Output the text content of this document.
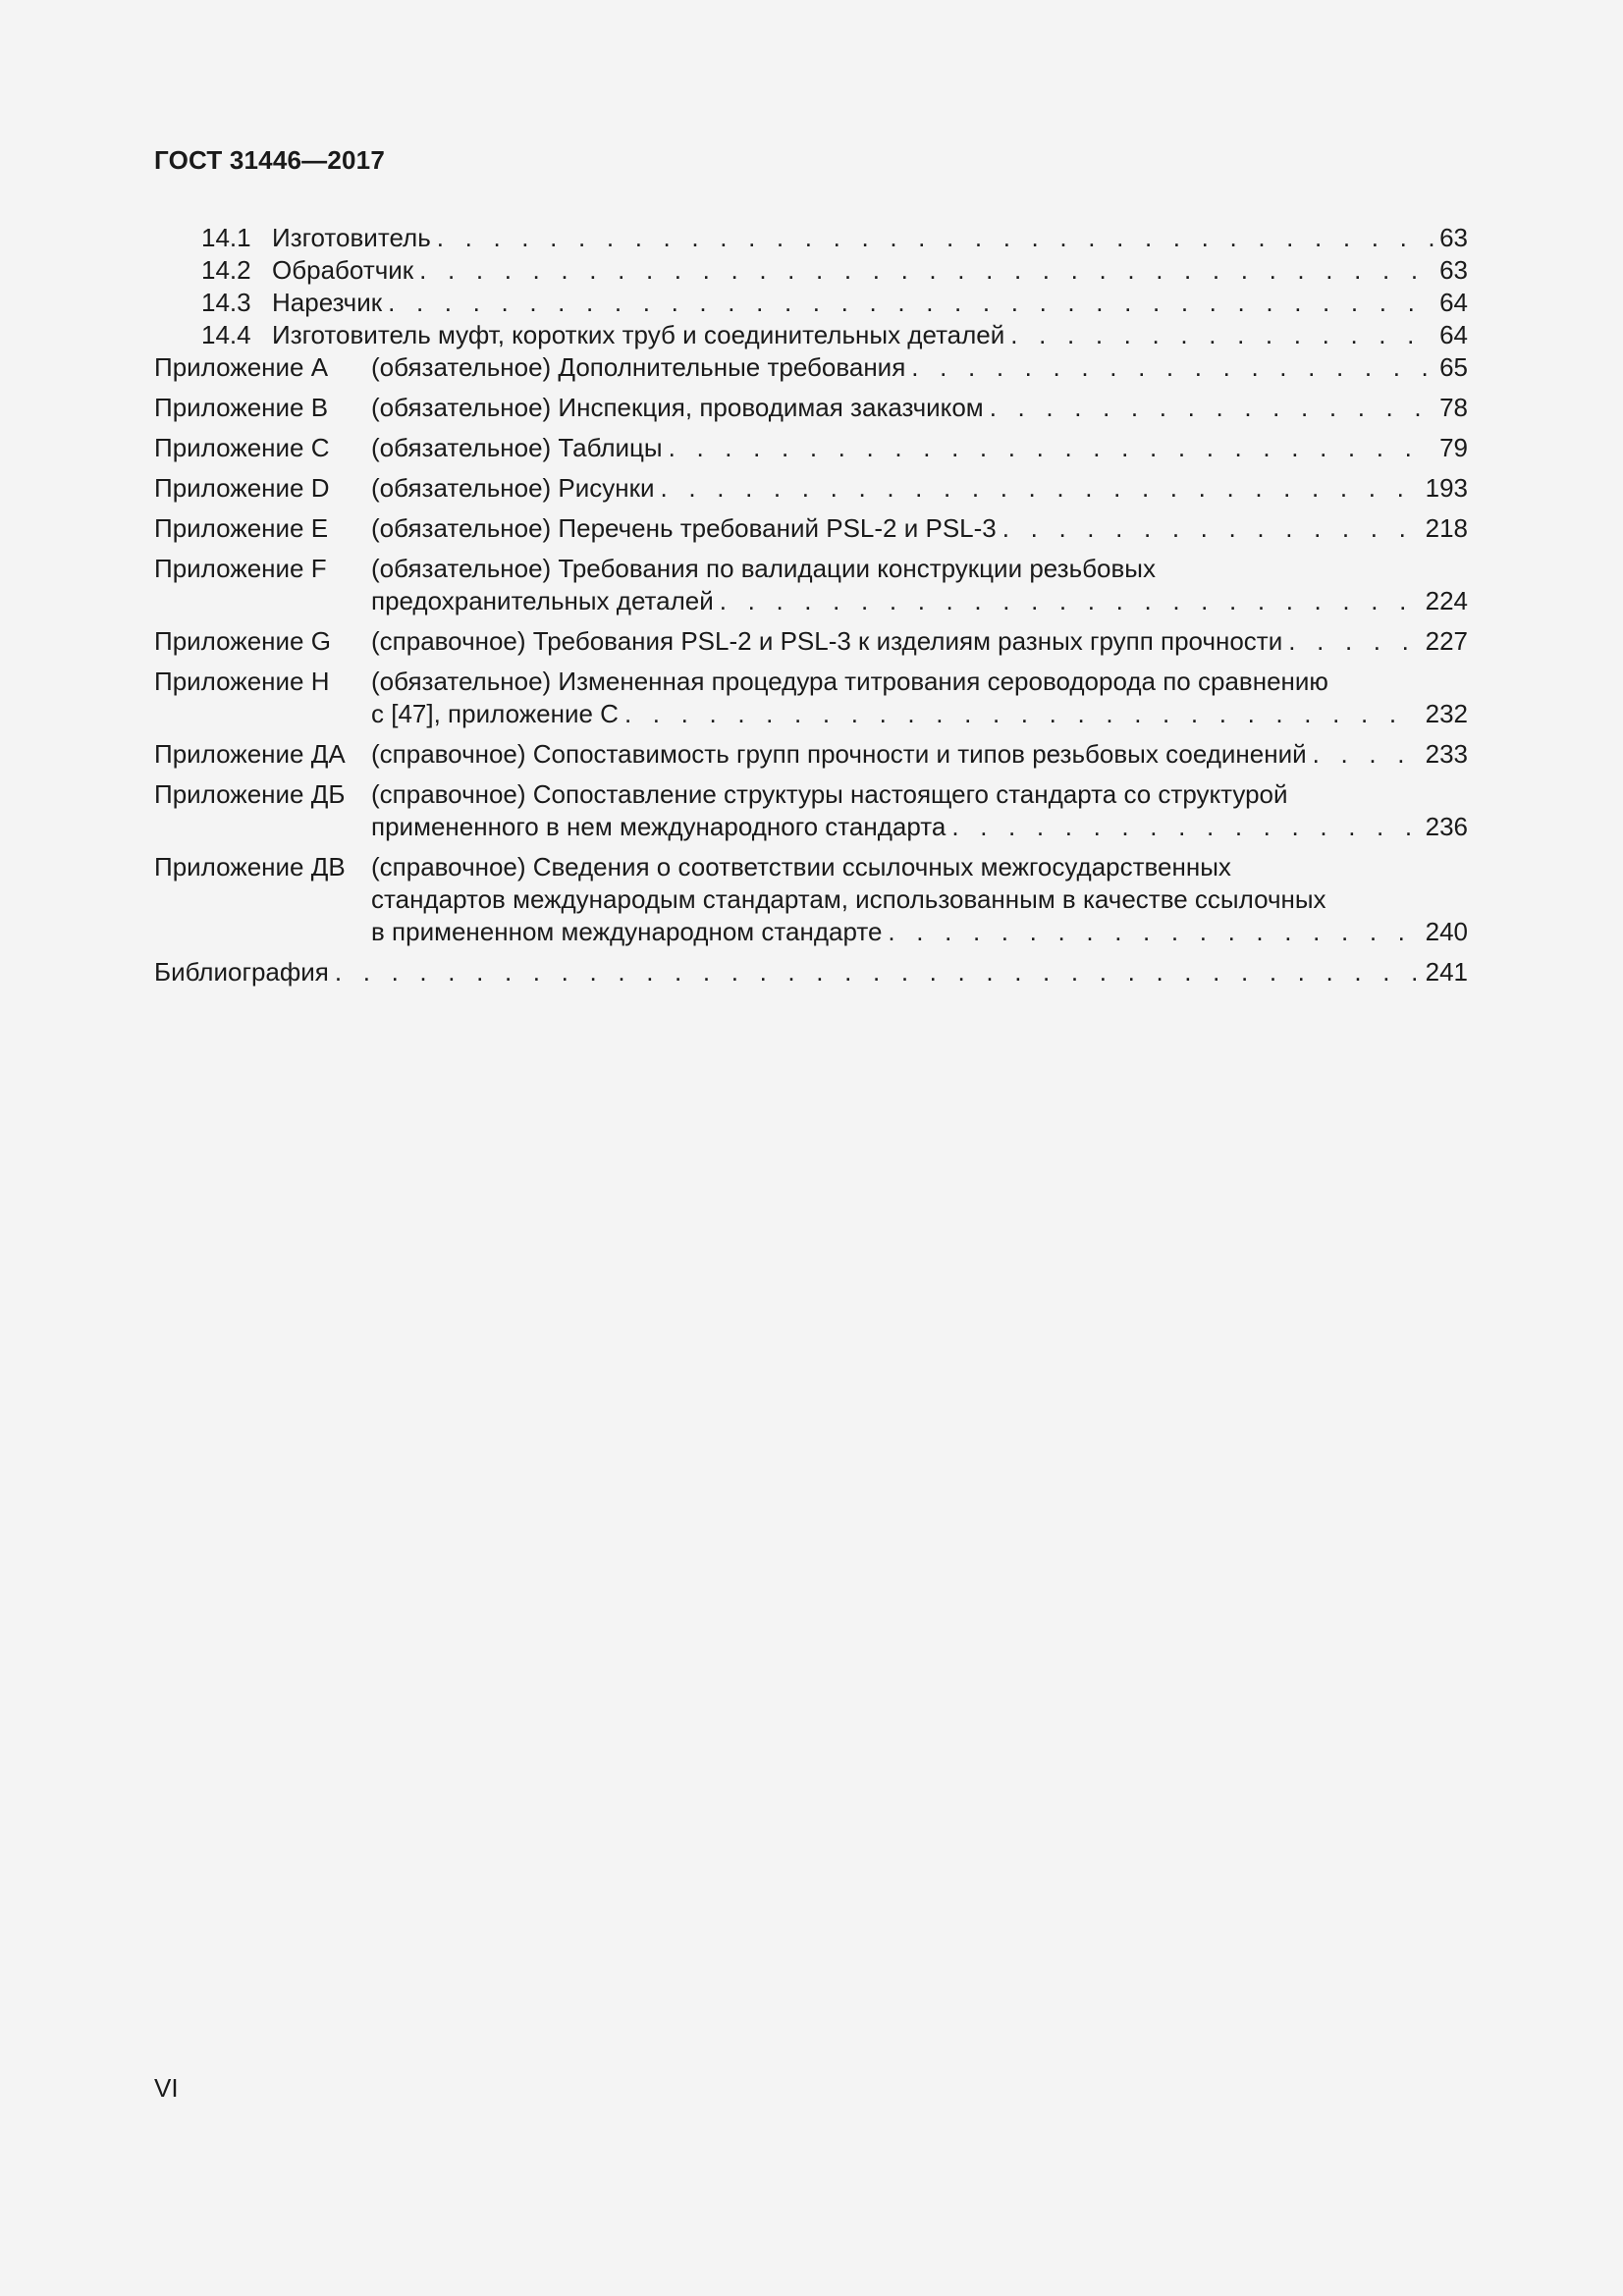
ГОСТ 31446—2017
14.1 Изготовитель . . .	63
14.2 Обработчик . . .	63
14.3 Нарезчик . . .	64
14.4 Изготовитель муфт, коротких труб и соединительных деталей . . .	64
Приложение А	(обязательное) Дополнительные требования . . .	65
Приложение В	(обязательное) Инспекция, проводимая заказчиком . . .	78
Приложение С	(обязательное) Таблицы . . .	79
Приложение D	(обязательное) Рисунки . . .	193
Приложение E	(обязательное) Перечень требований PSL-2 и PSL-3 . . .	218
Приложение F	(обязательное) Требования по валидации конструкции резьбовых
предохранительных деталей . . .	224
Приложение G	(справочное) Требования PSL-2 и PSL-3 к изделиям разных групп прочности . . .	227
Приложение H	(обязательное) Измененная процедура титрования сероводорода по сравнению
с [47], приложение С . . .	232
Приложение ДА	(справочное) Сопоставимость групп прочности и типов резьбовых соединений . . .	233
Приложение ДБ	(справочное) Сопоставление структуры настоящего стандарта со структурой
примененного в нем международного стандарта . . .	236
Приложение ДВ	(справочное) Сведения о соответствии ссылочных межгосударственных
стандартов международым стандартам, использованным в качестве ссылочных
в примененном международном стандарте . . .	240
Библиография . . .	241
VI
